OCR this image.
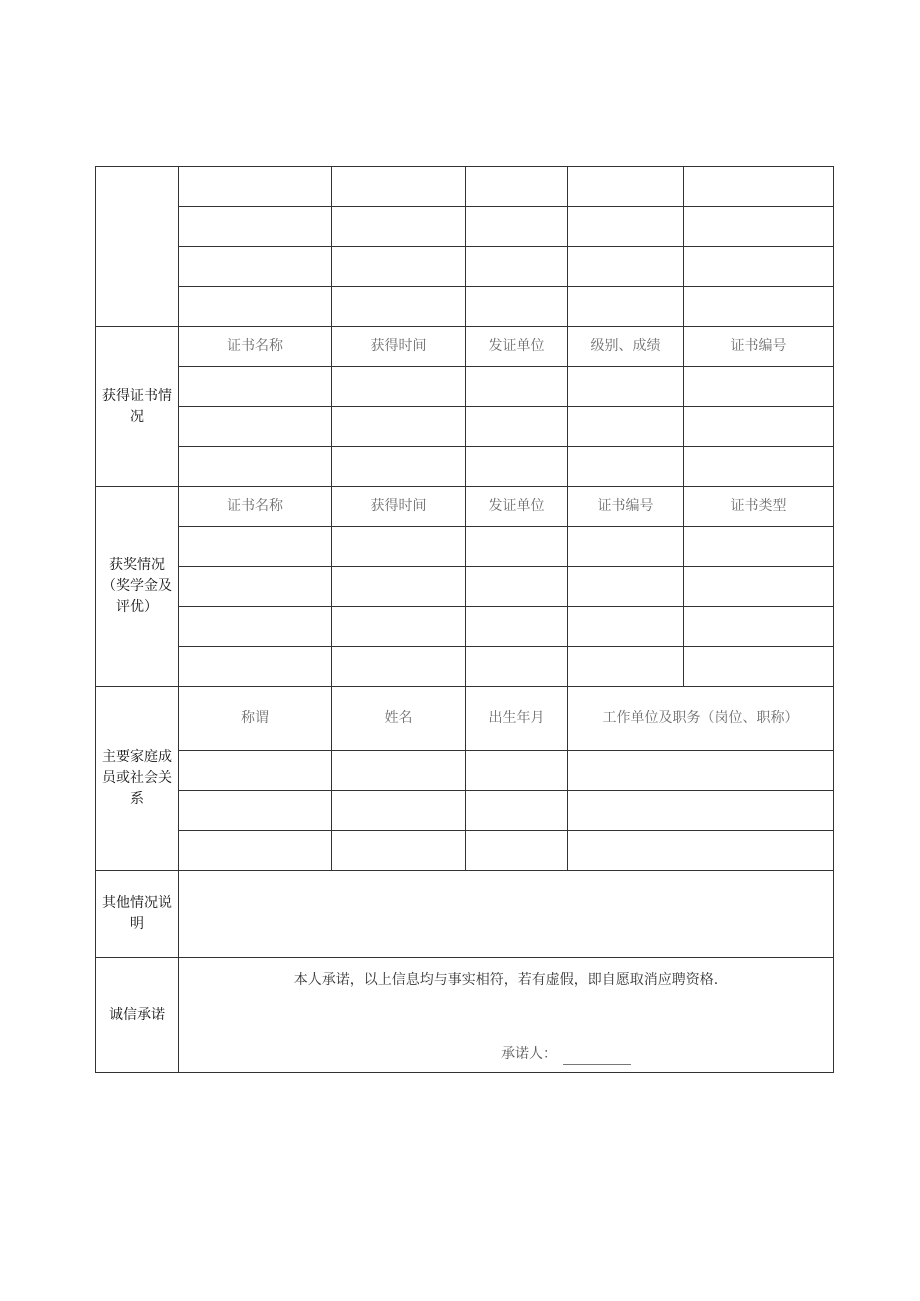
获得证书情况	证书名称	获得时间	发证单位	级别、成绩	证书编号

获奖情况（奖学金及评优）	证书名称	获得时间	发证单位	证书编号	证书类型

主要家庭成员或社会关系	称谓	姓名	出生年月	工作单位及职务（岗位、职称）	

其他情况说明					
诚信承诺	本人承诺，以上信息均与事实相符，若有虚假，即自愿取消应聘资格.
承诺人：				
